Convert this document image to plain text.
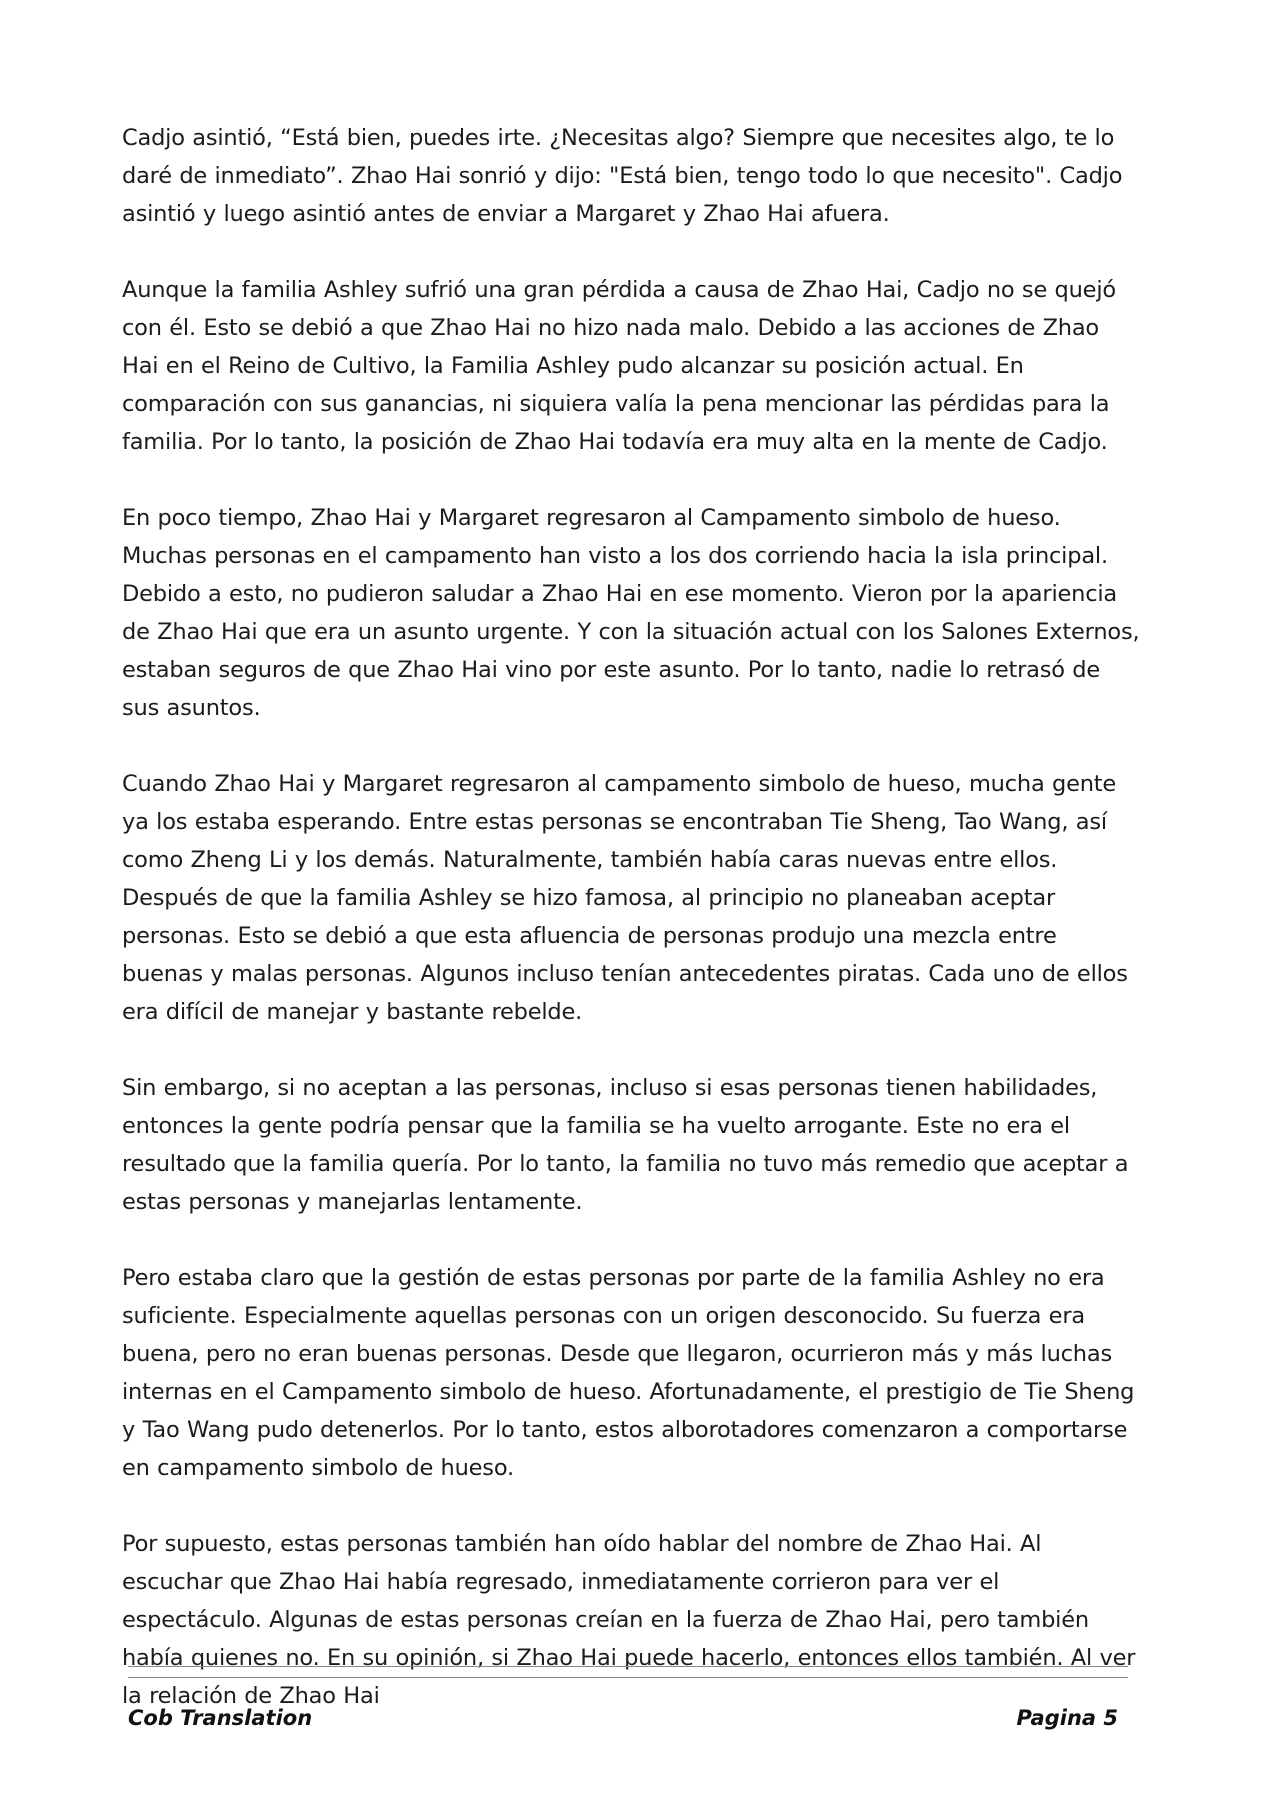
Cadjo asintió, “Está bien, puedes irte. ¿Necesitas algo? Siempre que necesites algo, te lo daré de inmediato”. Zhao Hai sonrió y dijo: "Está bien, tengo todo lo que necesito". Cadjo asintió y luego asintió antes de enviar a Margaret y Zhao Hai afuera.

Aunque la familia Ashley sufrió una gran pérdida a causa de Zhao Hai, Cadjo no se quejó con él. Esto se debió a que Zhao Hai no hizo nada malo. Debido a las acciones de Zhao Hai en el Reino de Cultivo, la Familia Ashley pudo alcanzar su posición actual. En comparación con sus ganancias, ni siquiera valía la pena mencionar las pérdidas para la familia. Por lo tanto, la posición de Zhao Hai todavía era muy alta en la mente de Cadjo.

En poco tiempo, Zhao Hai y Margaret regresaron al Campamento simbolo de hueso. Muchas personas en el campamento han visto a los dos corriendo hacia la isla principal. Debido a esto, no pudieron saludar a Zhao Hai en ese momento. Vieron por la apariencia de Zhao Hai que era un asunto urgente. Y con la situación actual con los Salones Externos, estaban seguros de que Zhao Hai vino por este asunto. Por lo tanto, nadie lo retrasó de sus asuntos.

Cuando Zhao Hai y Margaret regresaron al campamento simbolo de hueso, mucha gente ya los estaba esperando. Entre estas personas se encontraban Tie Sheng, Tao Wang, así como Zheng Li y los demás. Naturalmente, también había caras nuevas entre ellos. Después de que la familia Ashley se hizo famosa, al principio no planeaban aceptar personas. Esto se debió a que esta afluencia de personas produjo una mezcla entre buenas y malas personas. Algunos incluso tenían antecedentes piratas. Cada uno de ellos era difícil de manejar y bastante rebelde.

Sin embargo, si no aceptan a las personas, incluso si esas personas tienen habilidades, entonces la gente podría pensar que la familia se ha vuelto arrogante. Este no era el resultado que la familia quería. Por lo tanto, la familia no tuvo más remedio que aceptar a estas personas y manejarlas lentamente.

Pero estaba claro que la gestión de estas personas por parte de la familia Ashley no era suficiente. Especialmente aquellas personas con un origen desconocido. Su fuerza era buena, pero no eran buenas personas. Desde que llegaron, ocurrieron más y más luchas internas en el Campamento simbolo de hueso. Afortunadamente, el prestigio de Tie Sheng y Tao Wang pudo detenerlos. Por lo tanto, estos alborotadores comenzaron a comportarse en campamento simbolo de hueso.

Por supuesto, estas personas también han oído hablar del nombre de Zhao Hai. Al escuchar que Zhao Hai había regresado, inmediatamente corrieron para ver el espectáculo. Algunas de estas personas creían en la fuerza de Zhao Hai, pero también había quienes no. En su opinión, si Zhao Hai puede hacerlo, entonces ellos también. Al ver la relación de Zhao Hai

Cob Translation	Pagina 5
